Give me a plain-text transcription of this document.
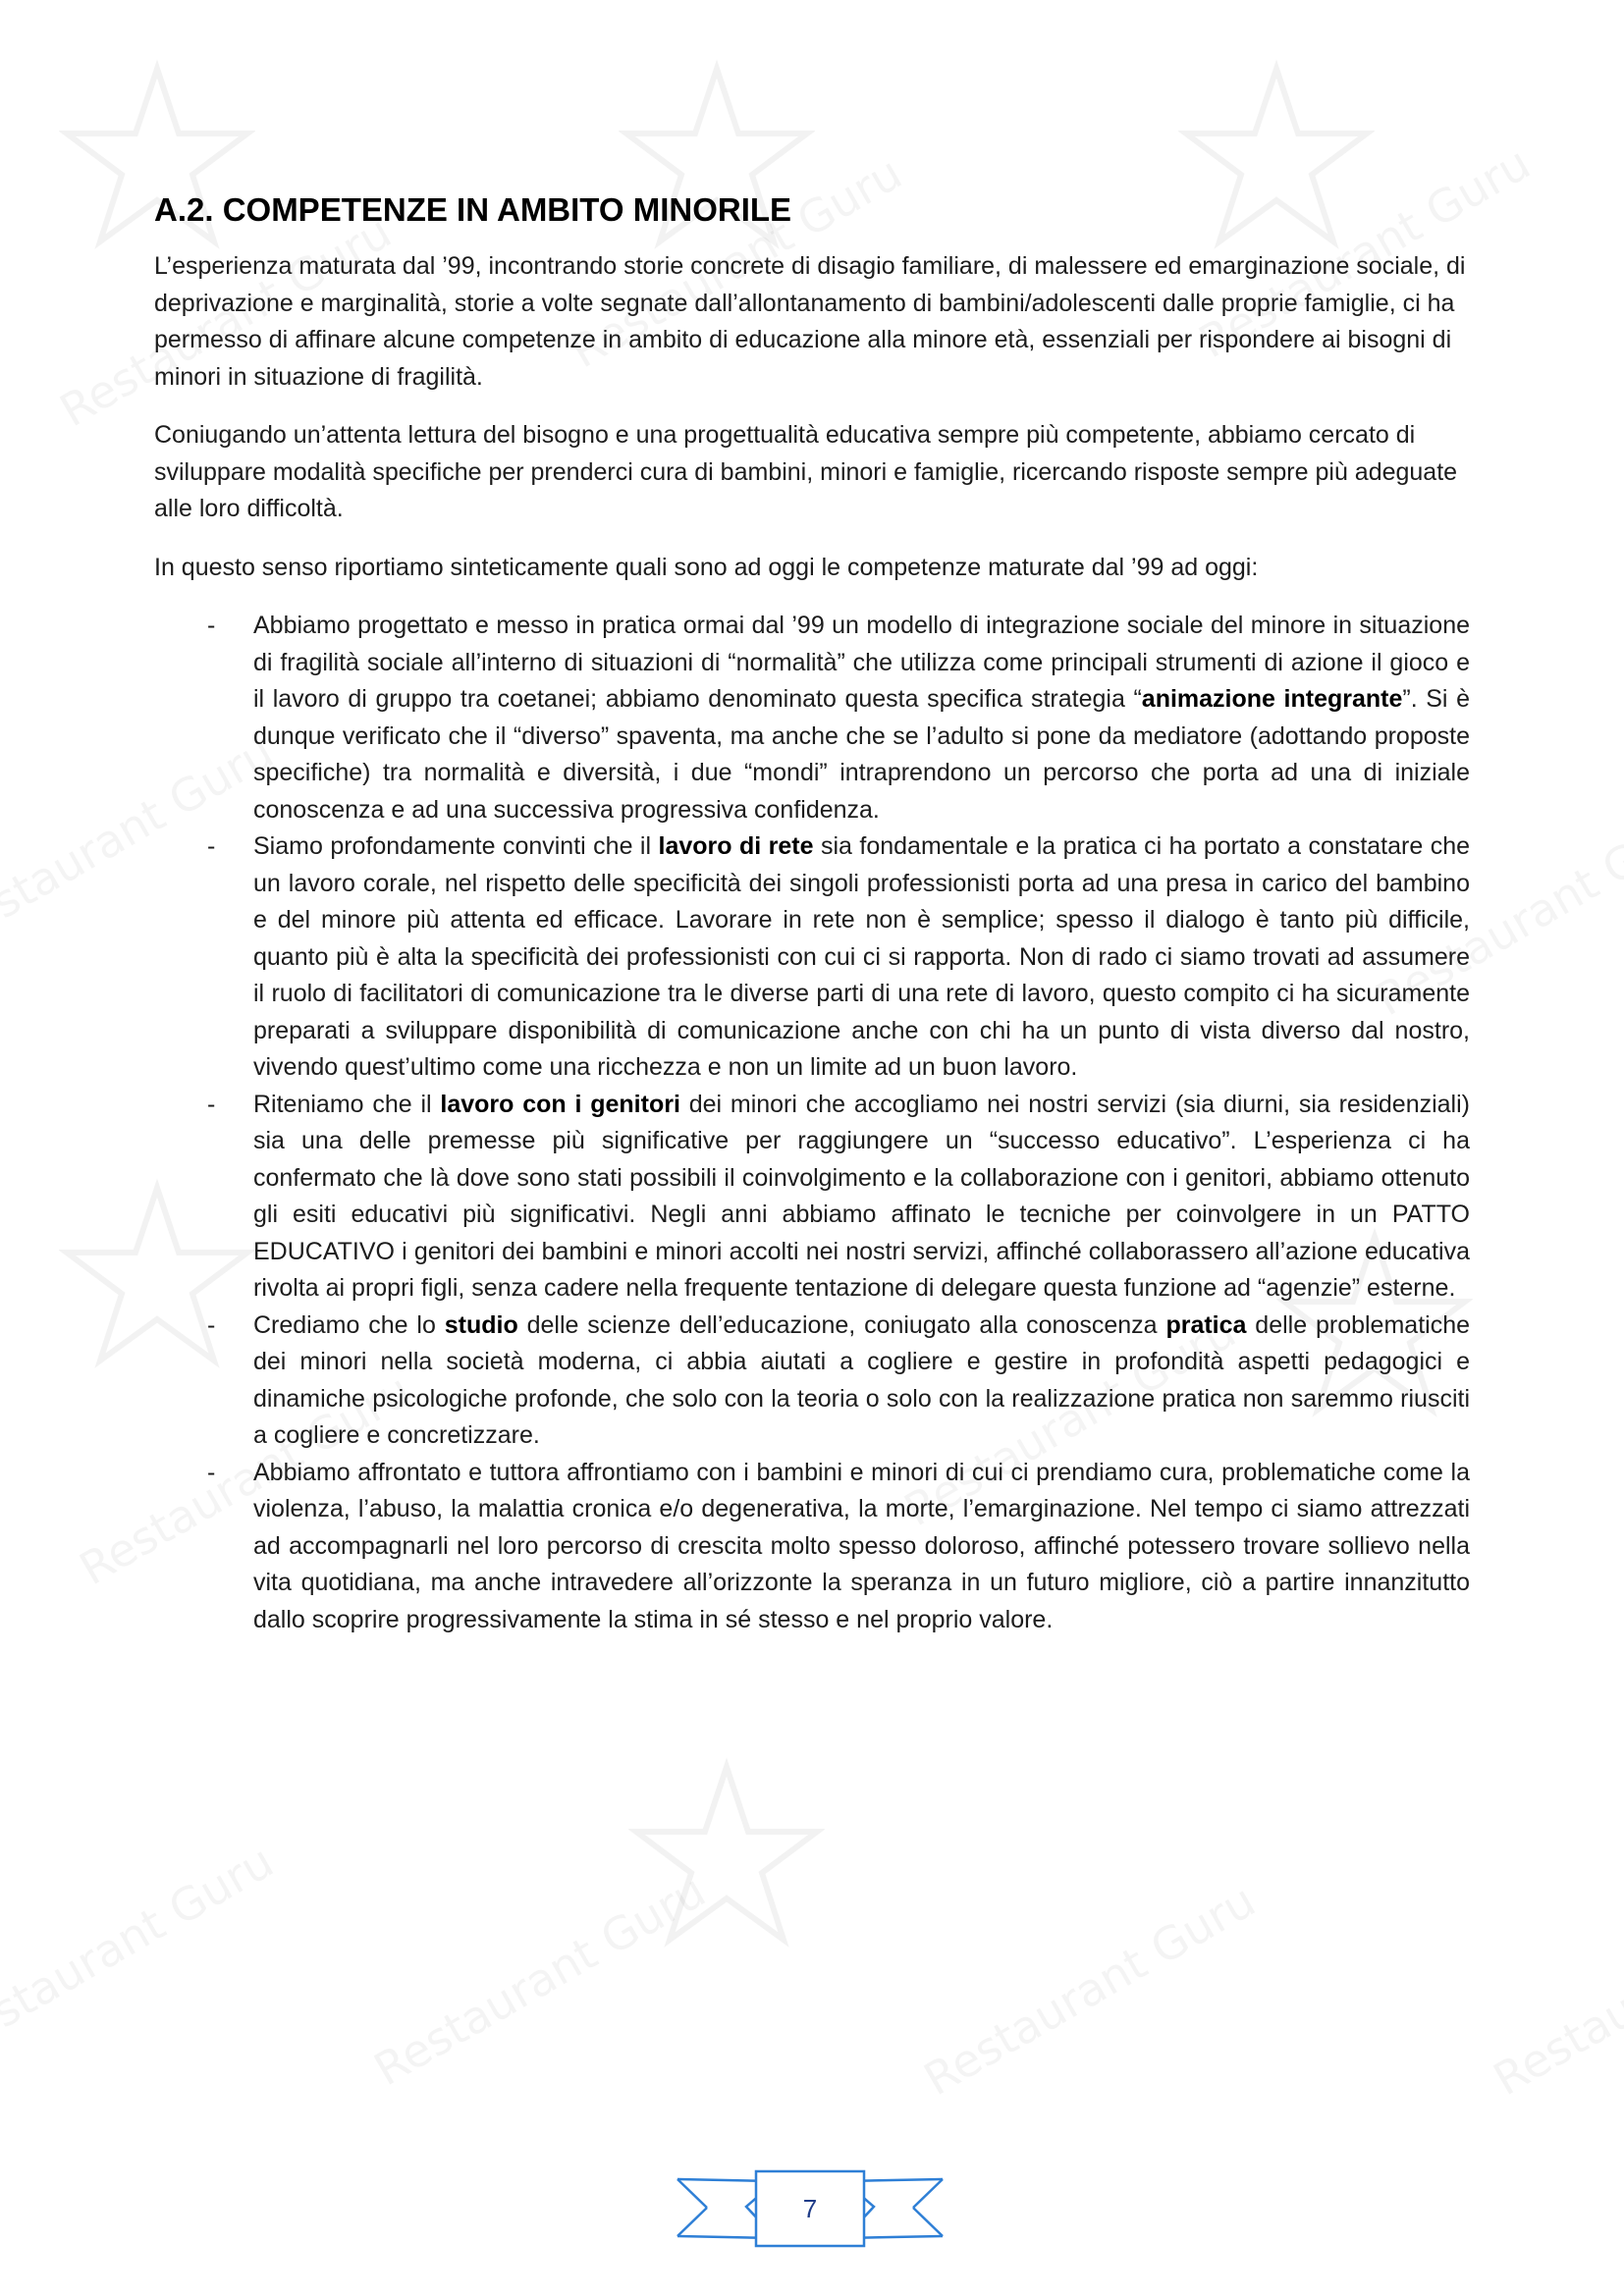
A.2. COMPETENZE IN AMBITO MINORILE

L’esperienza maturata dal ’99, incontrando storie concrete di disagio familiare, di malessere ed emarginazione sociale, di deprivazione e marginalità, storie a volte segnate dall’allontanamento di bambini/adolescenti dalle proprie famiglie, ci ha permesso di affinare alcune competenze in ambito di educazione alla minore età, essenziali per rispondere ai bisogni di minori in situazione di fragilità.

Coniugando un’attenta lettura del bisogno e una progettualità educativa sempre più competente, abbiamo cercato di sviluppare modalità specifiche per prenderci cura di bambini, minori e famiglie, ricercando risposte sempre più adeguate alle loro difficoltà.

In questo senso riportiamo sinteticamente quali sono ad oggi le competenze maturate dal ’99 ad oggi:

- Abbiamo progettato e messo in pratica ormai dal ’99 un modello di integrazione sociale del minore in situazione di fragilità sociale all’interno di situazioni di “normalità” che utilizza come principali strumenti di azione il gioco e il lavoro di gruppo tra coetanei; abbiamo denominato questa specifica strategia “animazione integrante”. Si è dunque verificato che il “diverso” spaventa, ma anche che se l’adulto si pone da mediatore (adottando proposte specifiche) tra normalità e diversità, i due “mondi” intraprendono un percorso che porta ad una di iniziale conoscenza e ad una successiva progressiva confidenza.
- Siamo profondamente convinti che il lavoro di rete sia fondamentale e la pratica ci ha portato a constatare che un lavoro corale, nel rispetto delle specificità dei singoli professionisti porta ad una presa in carico del bambino e del minore più attenta ed efficace. Lavorare in rete non è semplice; spesso il dialogo è tanto più difficile, quanto più è alta la specificità dei professionisti con cui ci si rapporta. Non di rado ci siamo trovati ad assumere il ruolo di facilitatori di comunicazione tra le diverse parti di una rete di lavoro, questo compito ci ha sicuramente preparati a sviluppare disponibilità di comunicazione anche con chi ha un punto di vista diverso dal nostro, vivendo quest’ultimo come una ricchezza e non un limite ad un buon lavoro.
- Riteniamo che il lavoro con i genitori dei minori che accogliamo nei nostri servizi (sia diurni, sia residenziali) sia una delle premesse più significative per raggiungere un “successo educativo”. L’esperienza ci ha confermato che là dove sono stati possibili il coinvolgimento e la collaborazione con i genitori, abbiamo ottenuto gli esiti educativi più significativi. Negli anni abbiamo affinato le tecniche per coinvolgere in un PATTO EDUCATIVO i genitori dei bambini e minori accolti nei nostri servizi, affinché collaborassero all’azione educativa rivolta ai propri figli, senza cadere nella frequente tentazione di delegare questa funzione ad “agenzie” esterne.
- Crediamo che lo studio delle scienze dell’educazione, coniugato alla conoscenza pratica delle problematiche dei minori nella società moderna, ci abbia aiutati a cogliere e gestire in profondità aspetti pedagogici e dinamiche psicologiche profonde, che solo con la teoria o solo con la realizzazione pratica non saremmo riusciti a cogliere e concretizzare.
- Abbiamo affrontato e tuttora affrontiamo con i bambini e minori di cui ci prendiamo cura, problematiche come la violenza, l’abuso, la malattia cronica e/o degenerativa, la morte, l’emarginazione. Nel tempo ci siamo attrezzati ad accompagnarli nel loro percorso di crescita molto spesso doloroso, affinché potessero trovare sollievo nella vita quotidiana, ma anche intravedere all’orizzonte la speranza in un futuro migliore, ciò a partire innanzitutto dallo scoprire progressivamente la stima in sé stesso e nel proprio valore.
7
